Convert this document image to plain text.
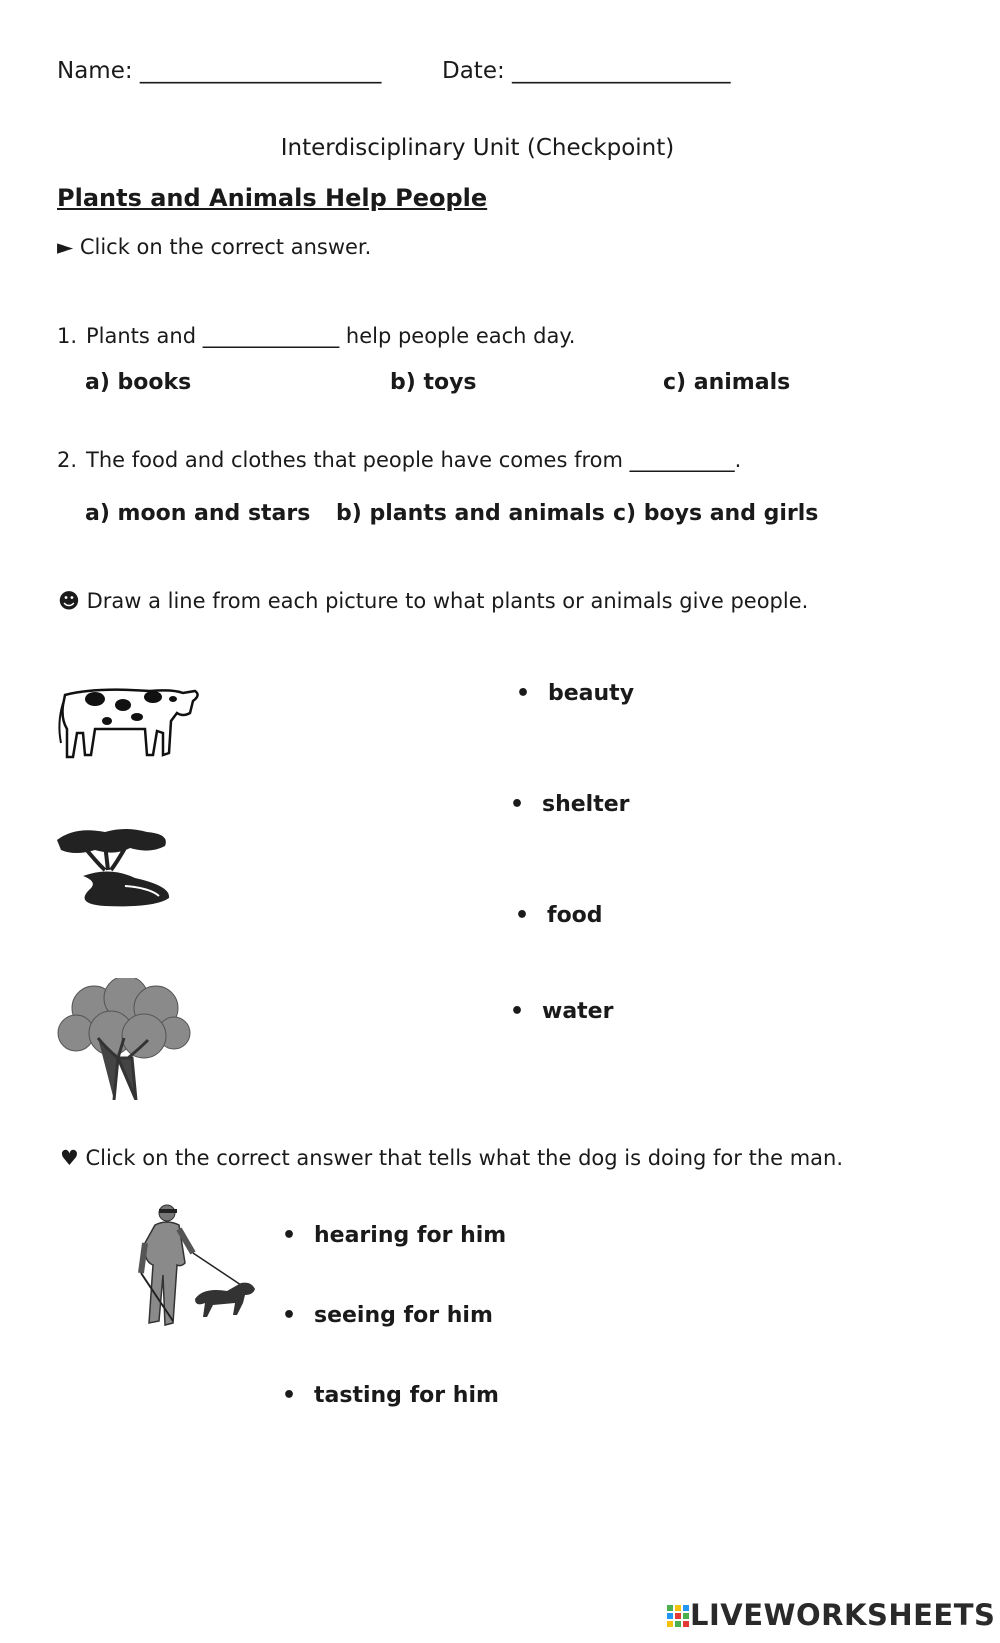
Name: _____________________	Date: ___________________
Interdisciplinary Unit (Checkpoint)
Plants and Animals Help People
► Click on the correct answer.
1. Plants and _____________ help people each day.
a) books	b) toys	c) animals
2. The food and clothes that people have comes from __________.
a) moon and stars b) plants and animals c) boys and girls
☻ Draw a line from each picture to what plants or animals give people.
• beauty
• shelter
• food
• water
♥ Click on the correct answer that tells what the dog is doing for the man.
• hearing for him
• seeing for him
• tasting for him
LIVEWORKSHEETS
